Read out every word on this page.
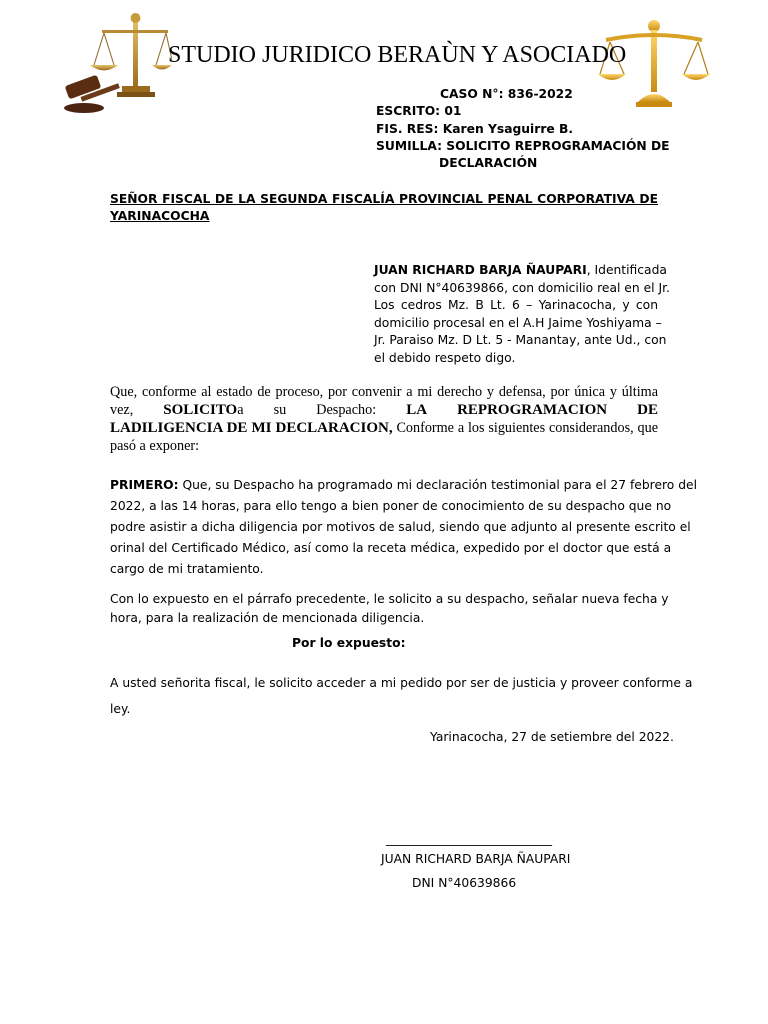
STUDIO JURIDICO BERAÙN Y ASOCIADO
CASO N°: 836-2022
ESCRITO: 01
FIS. RES: Karen Ysaguirre B.
SUMILLA: SOLICITO REPROGRAMACIÓN DE
DECLARACIÓN
SEÑOR FISCAL DE LA SEGUNDA FISCALÍA PROVINCIAL PENAL CORPORATIVA DE
YARINACOCHA
JUAN RICHARD BARJA ÑAUPARI, Identificada
con DNI N°40639866, con domicilio real en el Jr.
Los cedros Mz. B Lt. 6 – Yarinacocha, y con
domicilio procesal en el A.H Jaime Yoshiyama –
Jr. Paraiso Mz. D Lt. 5 - Manantay, ante Ud., con
el debido respeto digo.
Que, conforme al estado de proceso, por convenir a mi derecho y defensa, por única y última
vez, SOLICITOa su Despacho: LA REPROGRAMACION DE
LADILIGENCIA DE MI DECLARACION, Conforme a los siguientes considerandos, que
pasó a exponer:
PRIMERO: Que, su Despacho ha programado mi declaración testimonial para el 27 febrero del
2022, a las 14 horas, para ello tengo a bien poner de conocimiento de su despacho que no
podre asistir a dicha diligencia por motivos de salud, siendo que adjunto al presente escrito el
orinal del Certificado Médico, así como la receta médica, expedido por el doctor que está a
cargo de mi tratamiento.
Con lo expuesto en el párrafo precedente, le solicito a su despacho, señalar nueva fecha y
hora, para la realización de mencionada diligencia.
Por lo expuesto:
A usted señorita fiscal, le solicito acceder a mi pedido por ser de justicia y proveer conforme a
ley.
Yarinacocha, 27 de setiembre del 2022.
___________________________
JUAN RICHARD BARJA ÑAUPARI
DNI N°40639866
